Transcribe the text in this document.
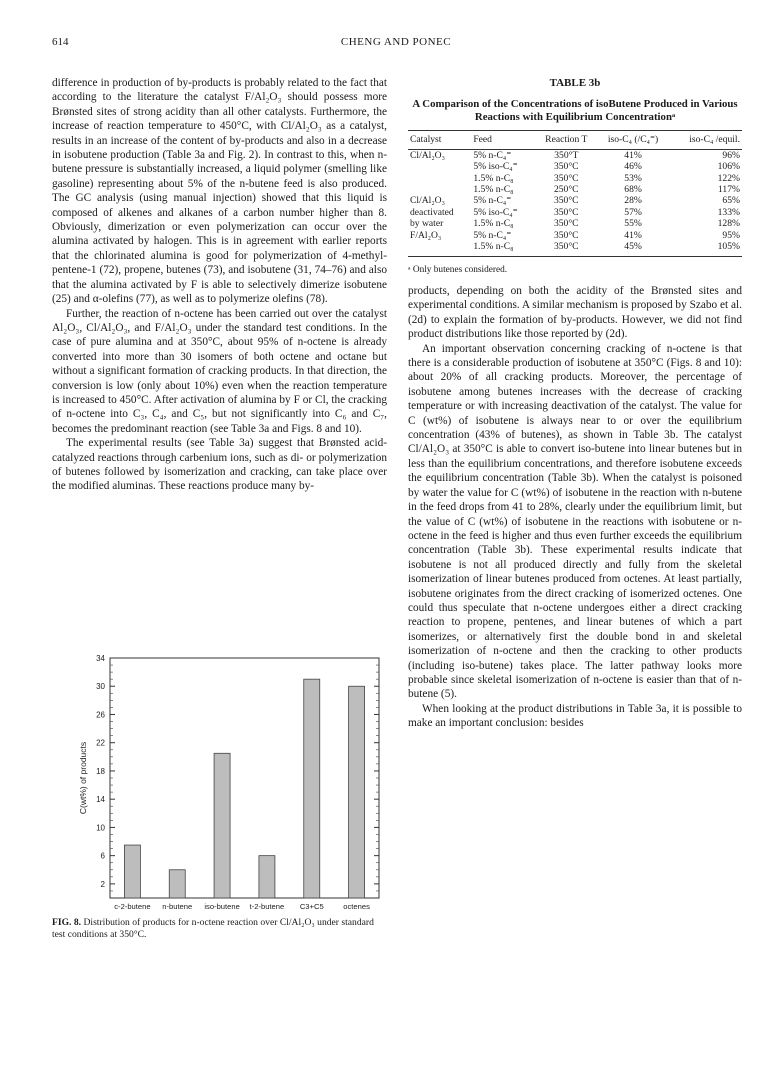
614	CHENG AND PONEC

difference in production of by-products is probably related to the fact that according to the literature the catalyst F/Al₂O₃ should possess more Brønsted sites of strong acidity than all other catalysts. Furthermore, the increase of reaction temperature to 450°C, with Cl/Al₂O₃ as a catalyst, results in an increase of the content of by-products and also in a decrease in isobutene production (Table 3a and Fig. 2). In contrast to this, when n-butene pressure is substantially increased, a liquid polymer (smelling like gasoline) representing about 5% of the n-butene feed is also produced. The GC analysis (using manual injection) showed that this liquid is composed of alkenes and alkanes of a carbon number higher than 8. Obviously, dimerization or even polymerization can occur over the alumina activated by halogen. This is in agreement with earlier reports that the chlorinated alumina is good for polymerization of 4-methyl-pentene-1 (72), propene, butenes (73), and isobutene (31, 74–76) and also that the alumina activated by F is able to selectively dimerize isobutene (25) and α-olefins (77), as well as to polymerize olefins (78).

Further, the reaction of n-octene has been carried out over the catalyst Al₂O₃, Cl/Al₂O₃, and F/Al₂O₃ under the standard test conditions. In the case of pure alumina and at 350°C, about 95% of n-octene is already converted into more than 30 isomers of both octene and octane but without a significant formation of cracking products. In that direction, the conversion is low (only about 10%) even when the reaction temperature is increased to 450°C. After activation of alumina by F or Cl, the cracking of n-octene into C₃, C₄, and C₅, but not significantly into C₆ and C₇, becomes the predominant reaction (see Table 3a and Figs. 8 and 10).

The experimental results (see Table 3a) suggest that Brønsted acid-catalyzed reactions through carbenium ions, such as di- or polymerization of butenes followed by isomerization and cracking, can take place over the modified aluminas. These reactions produce many by-

TABLE 3b
A Comparison of the Concentrations of isoButene Produced in Various Reactions with Equilibrium Concentrationᵃ
Catalyst	Feed	Reaction T	iso-C₄ (/C₄⁼)	iso-C₄ /equil.
Cl/Al₂O₃	5% n-C₄⁼	350°T	41%	96%
	5% iso-C₄⁼	350°C	46%	106%
	1.5% n-C₈	350°C	53%	122%
	1.5% n-C₈	250°C	68%	117%
Cl/Al₂O₃	5% n-C₄⁼	350°C	28%	65%
deactivated	5% iso-C₄⁼	350°C	57%	133%
by water	1.5% n-C₈	350°C	55%	128%
F/Al₂O₃	5% n-C₄⁼	350°C	41%	95%
	1.5% n-C₈	350°C	45%	105%
ᵃ Only butenes considered.

products, depending on both the acidity of the Brønsted sites and experimental conditions. A similar mechanism is proposed by Szabo et al. (2d) to explain the formation of by-products. However, we did not find product distributions like those reported by (2d).

An important observation concerning cracking of n-octene is that there is a considerable production of isobutene at 350°C (Figs. 8 and 10): about 20% of all cracking products. Moreover, the percentage of isobutene among butenes increases with the decrease of cracking temperature or with increasing deactivation of the catalyst. The value for C (wt%) of isobutene is always near to or over the equilibrium concentration (43% of butenes), as shown in Table 3b. The catalyst Cl/Al₂O₃ at 350°C is able to convert iso-butene into linear butenes but in less than the equilibrium concentrations, and therefore isobutene exceeds the equilibrium concentration (Table 3b). When the catalyst is poisoned by water the value for C (wt%) of isobutene in the reaction with n-butene in the feed drops from 41 to 28%, clearly under the equilibrium limit, but the value of C (wt%) of isobutene in the reactions with isobutene or n-octene in the feed is higher and thus even further exceeds the equilibrium concentration (Table 3b). These experimental results indicate that isobutene is not all produced directly and fully from the skeletal isomerization of linear butenes produced from octenes. At least partially, isobutene originates from the direct cracking of isomerized octenes. One could thus speculate that n-octene undergoes either a direct cracking reaction to propene, pentenes, and linear butenes of which a part isomerizes, or alternatively first the double bond in and skeletal isomerization of n-octene and then the cracking to other products (including iso-butene) takes place. The latter pathway looks more probable since skeletal isomerization of n-octene is easier than that of n-butene (5).

When looking at the product distributions in Table 3a, it is possible to make an important conclusion: besides

2
6
10
14
18
22
26
30
34
C(wt%) of products
c-2-butene n-butene iso-butene t-2-butene C3+C5	octenes
FIG. 8. Distribution of products for n-octene reaction over Cl/Al₂O₃ under standard test conditions at 350°C.
